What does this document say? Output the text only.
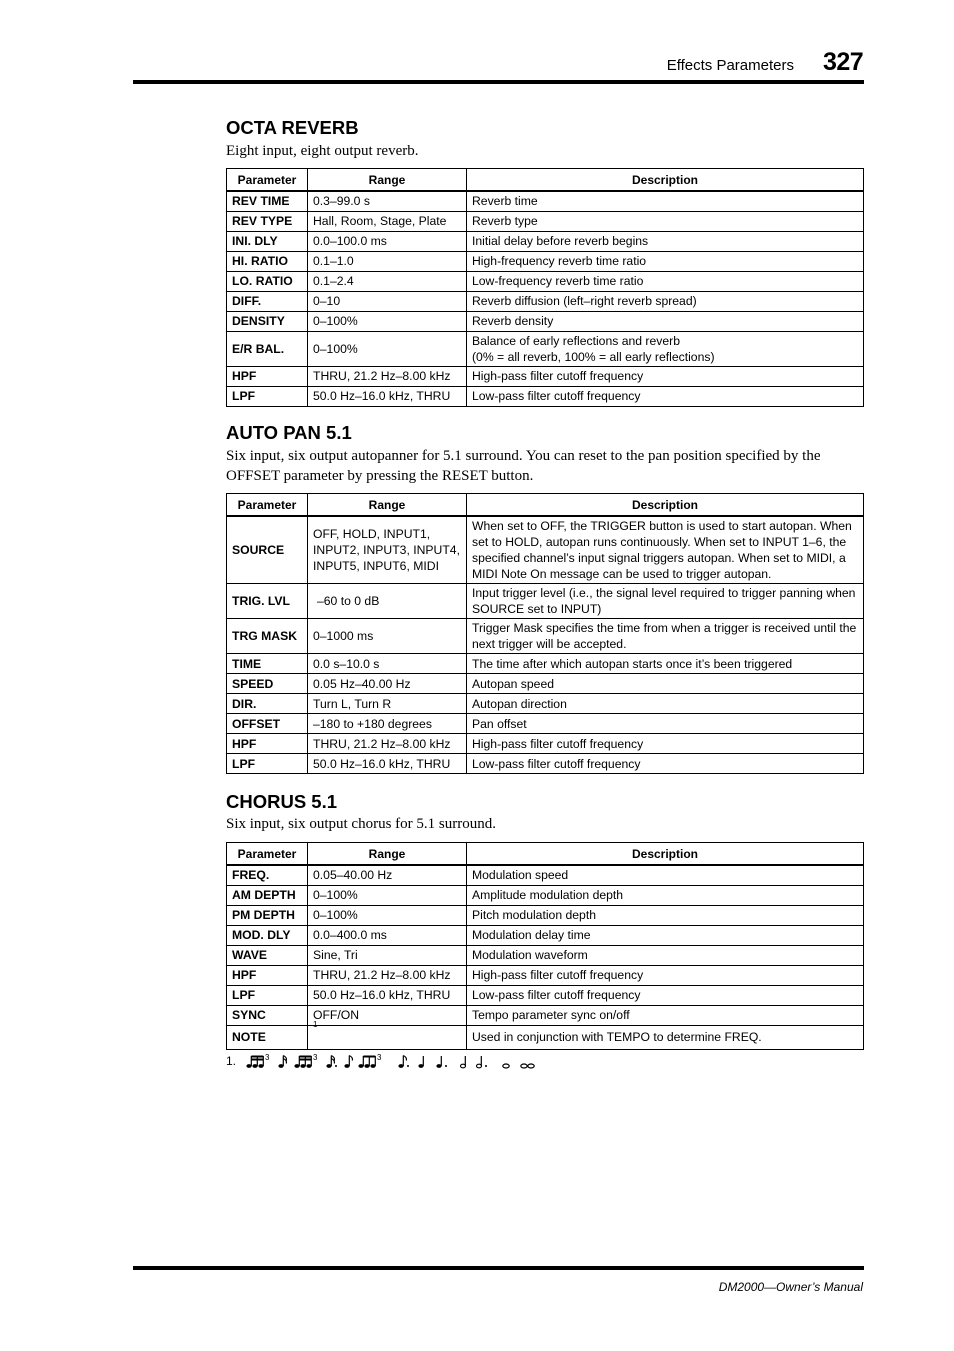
Effects Parameters 327
OCTA REVERB

Eight input, eight output reverb.

Parameter	Range	Description
REV TIME	0.3–99.0 s	Reverb time
REV TYPE	Hall, Room, Stage, Plate	Reverb type
INI. DLY	0.0–100.0 ms	Initial delay before reverb begins
HI. RATIO	0.1–1.0	High-frequency reverb time ratio
LO. RATIO	0.1–2.4	Low-frequency reverb time ratio
DIFF.	0–10	Reverb diffusion (left–right reverb spread)
DENSITY	0–100%	Reverb density
E/R BAL.	0–100%	Balance of early reflections and reverb
(0% = all reverb, 100% = all early reflections)

HPF	THRU, 21.2 Hz–8.00 kHz	High-pass filter cutoff frequency
LPF	50.0 Hz–16.0 kHz, THRU	Low-pass filter cutoff frequency
AUTO PAN 5.1

Six input, six output autopanner for 5.1 surround. You can reset to the pan position specified by the OFFSET parameter by pressing the RESET button.

Parameter	Range	Description
SOURCE	OFF, HOLD, INPUT1, INPUT2, INPUT3, INPUT4, INPUT5, INPUT6, MIDI	When set to OFF, the TRIGGER button is used to start autopan. When set to HOLD, autopan runs continuously. When set to INPUT 1–6, the specified channel’s input signal triggers autopan. When set to MIDI, a MIDI Note On message can be used to trigger autopan.
TRIG. LVL	–60 to 0 dB	Input trigger level (i.e., the signal level required to trigger panning when SOURCE set to INPUT)
TRG MASK	0–1000 ms	Trigger Mask specifies the time from when a trigger is received until the next trigger will be accepted.
TIME	0.0 s–10.0 s	The time after which autopan starts once it’s been triggered
SPEED	0.05 Hz–40.00 Hz	Autopan speed
DIR.	Turn L, Turn R	Autopan direction
OFFSET	–180 to +180 degrees	Pan offset
HPF	THRU, 21.2 Hz–8.00 kHz	High-pass filter cutoff frequency
LPF	50.0 Hz–16.0 kHz, THRU	Low-pass filter cutoff frequency
CHORUS 5.1

Six input, six output chorus for 5.1 surround.

Parameter	Range	Description
FREQ.	0.05–40.00 Hz	Modulation speed
AM DEPTH	0–100%	Amplitude modulation depth
PM DEPTH	0–100%	Pitch modulation depth
MOD. DLY	0.0–400.0 ms	Modulation delay time
WAVE	Sine, Tri	Modulation waveform
HPF	THRU, 21.2 Hz–8.00 kHz	High-pass filter cutoff frequency
LPF	50.0 Hz–16.0 kHz, THRU	Low-pass filter cutoff frequency
SYNC	OFF/ON	Tempo parameter sync on/off
NOTE	$^1$	Used in conjunction with TEMPO to determine FREQ.
1.	3	3	3
DM2000—Owner’s Manual
